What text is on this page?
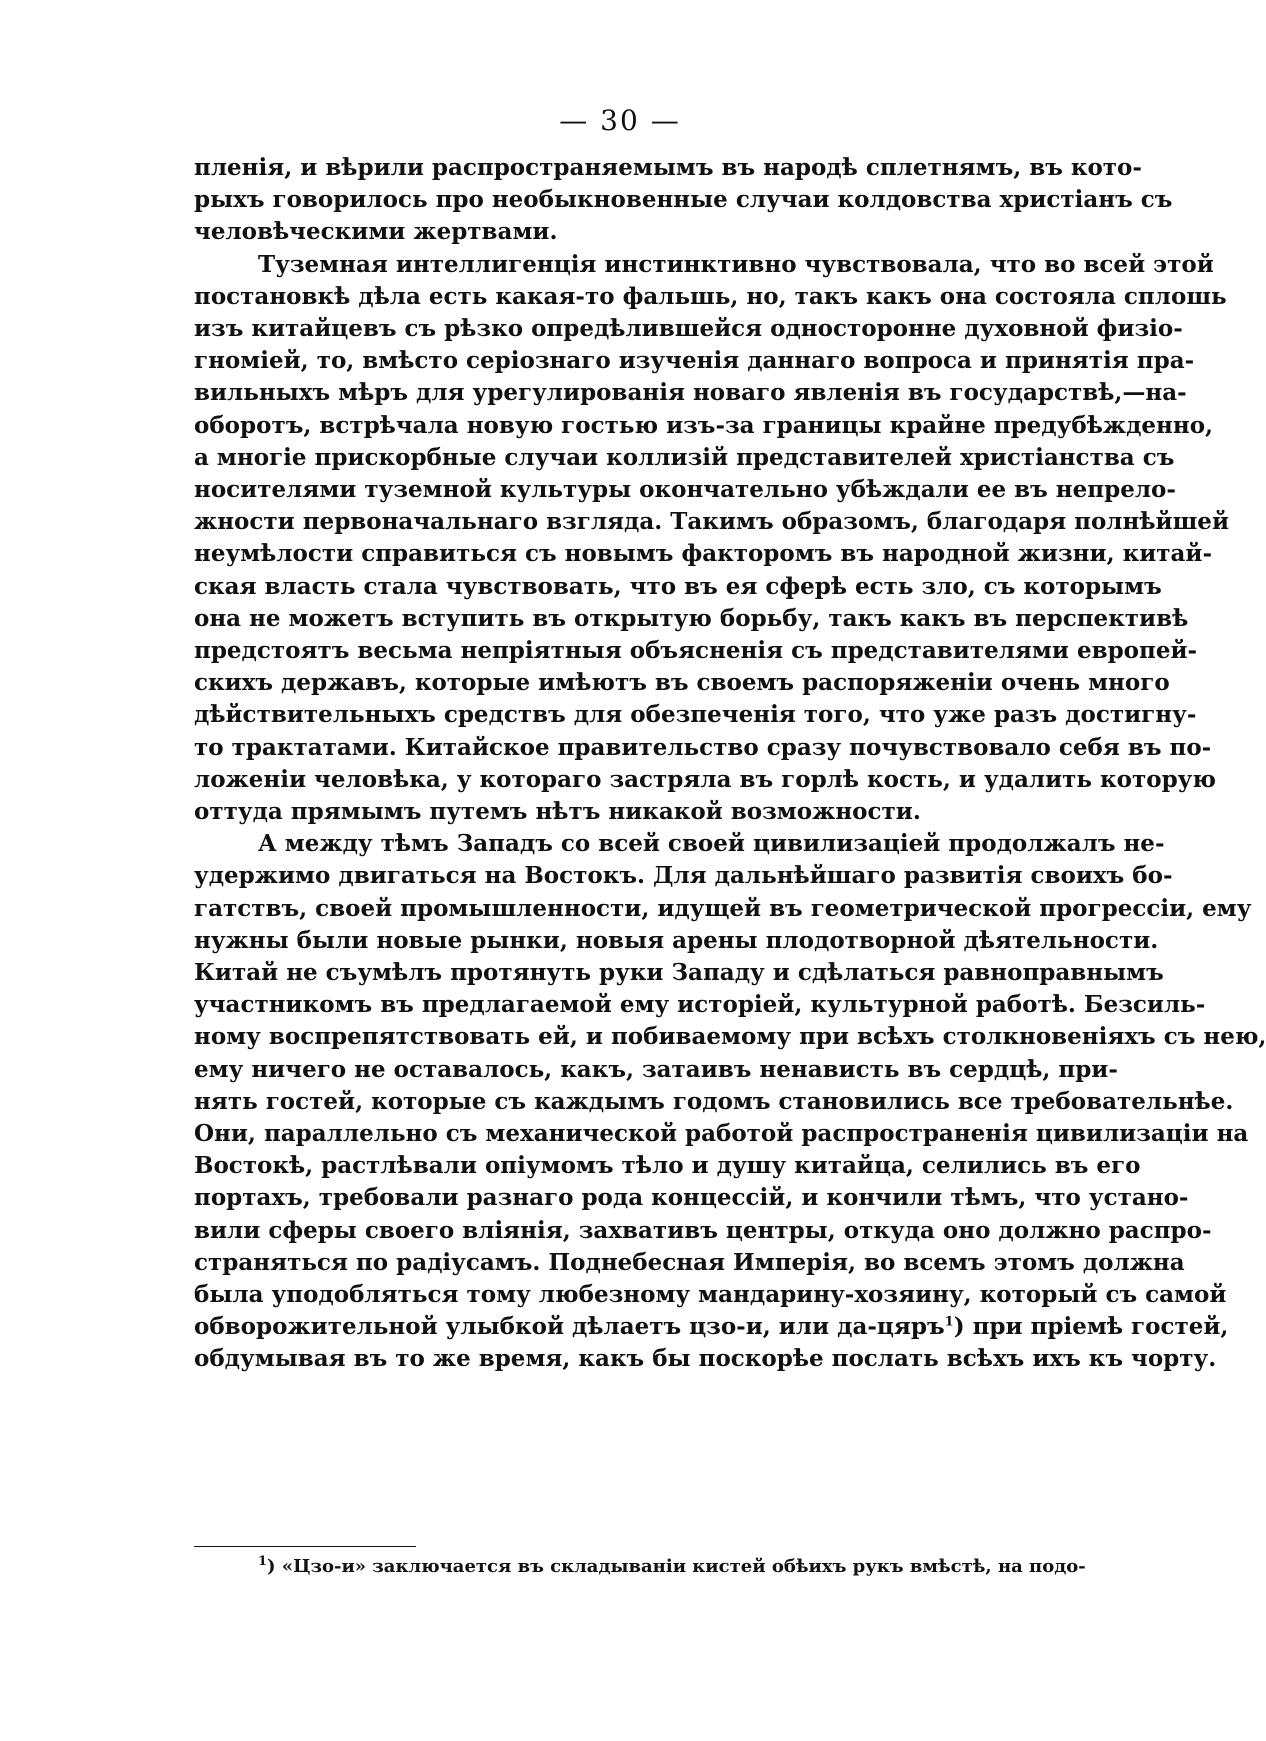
— 30 —
пленія, и вѣрили распространяемымъ въ народѣ сплетнямъ, въ кото-
рыхъ говорилось про необыкновенные случаи колдовства христіанъ съ
человѣческими жертвами.
Туземная интеллигенція инстинктивно чувствовала, что во всей этой
постановкѣ дѣла есть какая-то фальшь, но, такъ какъ она состояла сплошь
изъ китайцевъ съ рѣзко опредѣлившейся односторонне духовной физіо-
гноміей, то, вмѣсто серіознаго изученія даннаго вопроса и принятія пра-
вильныхъ мѣръ для урегулированія новаго явленія въ государствѣ,—на-
оборотъ, встрѣчала новую гостью изъ-за границы крайне предубѣжденно,
а многіе прискорбные случаи коллизій представителей христіанства съ
носителями туземной культуры окончательно убѣждали ее въ непрело-
жности первоначальнаго взгляда. Такимъ образомъ, благодаря полнѣйшей
неумѣлости справиться съ новымъ факторомъ въ народной жизни, китай-
ская власть стала чувствовать, что въ ея сферѣ есть зло, съ которымъ
она не можетъ вступить въ открытую борьбу, такъ какъ въ перспективѣ
предстоятъ весьма непріятныя объясненія съ представителями европей-
скихъ державъ, которые имѣютъ въ своемъ распоряженіи очень много
дѣйствительныхъ средствъ для обезпеченія того, что уже разъ достигну-
то трактатами. Китайское правительство сразу почувствовало себя въ по-
ложеніи человѣка, у котораго застряла въ горлѣ кость, и удалить которую
оттуда прямымъ путемъ нѣтъ никакой возможности.
А между тѣмъ Западъ со всей своей цивилизацiей продолжалъ не-
удержимо двигаться на Востокъ. Для дальнѣйшаго развитія своихъ бо-
гатствъ, своей промышленности, идущей въ геометрической прогрессіи, ему
нужны были новые рынки, новыя арены плодотворной дѣятельности.
Китай не съумѣлъ протянуть руки Западу и сдѣлаться равноправнымъ
участникомъ въ предлагаемой ему исторіей, культурной работѣ. Безсиль-
ному воспрепятствовать ей, и побиваемому при всѣхъ столкновеніяхъ съ нею,
ему ничего не оставалось, какъ, затаивъ ненависть въ сердцѣ, при-
нять гостей, которые съ каждымъ годомъ становились все требовательнѣе.
Они, параллельно съ механической работой распространенія цивилизаціи на
Востокѣ, растлѣвали опіумомъ тѣло и душу китайца, селились въ его
портахъ, требовали разнаго рода концессій, и кончили тѣмъ, что устано-
вили сферы своего вліянія, захвативъ центры, откуда оно должно распро-
страняться по радіусамъ. Поднебесная Имперія, во всемъ этомъ должна
была уподобляться тому любезному мандарину-хозяину, который съ самой
обворожительной улыбкой дѣлаетъ цзо-и, или да-цяръ$^1$) при пріемѣ гостей,
обдумывая въ то же время, какъ бы поскорѣе послать всѣхъ ихъ къ чорту.
$^1$) «Цзо-и» заключается въ складываніи кистей обѣихъ рукъ вмѣстѣ, на подо-
